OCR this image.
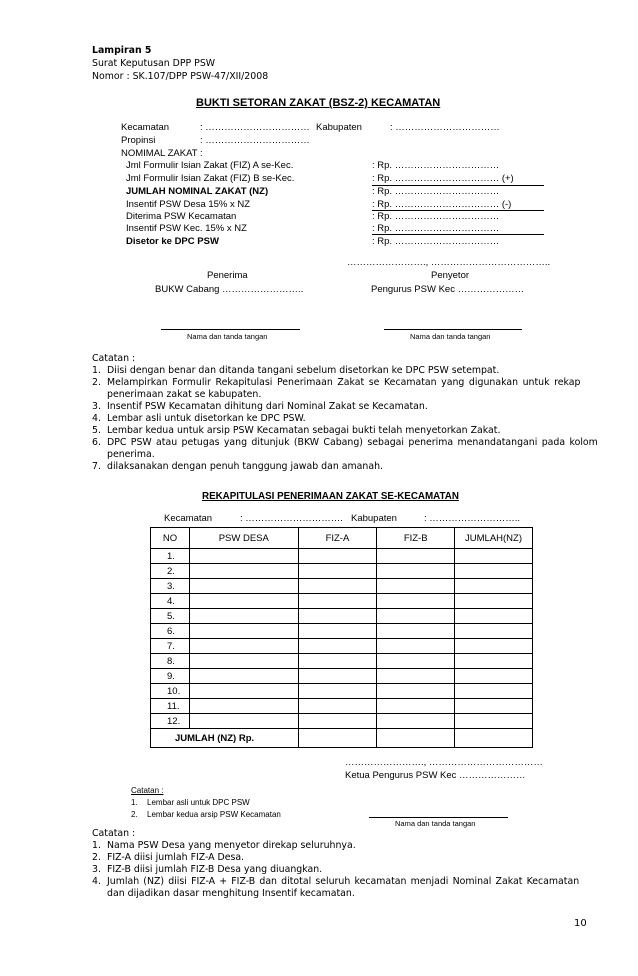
Lampiran 5
Surat Keputusan DPP PSW
Nomor : SK.107/DPP PSW-47/XII/2008
BUKTI SETORAN ZAKAT (BSZ-2) KECAMATAN
Kecamatan	: …………………………… Kabupaten	: ……………………………
Propinsi	: ……………………………
NOMIMAL ZAKAT :
Jml Formulir Isian Zakat (FIZ) A se-Kec.	: Rp. ……………………………
Jml Formulir Isian Zakat (FIZ) B se-Kec.	: Rp. …………………………… (+)
JUMLAH NOMINAL ZAKAT (NZ)	: Rp. ……………………………
Insentif PSW Desa 15% x NZ	: Rp. …………………………… (-)
Diterima PSW Kecamatan	: Rp. ……………………………
Insentif PSW Kec. 15% x NZ	: Rp. ……………………………
Disetor ke DPC PSW	: Rp. ……………………………
……………………., ………………………………..
Penerima
BUKW Cabang ……………………..
Penyetor
Pengurus PSW Kec …………………
Nama dan tanda tangan	Nama dan tanda tangan
Catatan :
1. Diisi dengan benar dan ditanda tangani sebelum disetorkan ke DPC PSW setempat.
2. Melampirkan Formulir Rekapitulasi Penerimaan Zakat se Kecamatan yang digunakan untuk rekap
penerimaan zakat se kabupaten.
3. Insentif PSW Kecamatan dihitung dari Nominal Zakat se Kecamatan.
4. Lembar asli untuk disetorkan ke DPC PSW.
5. Lembar kedua untuk arsip PSW Kecamatan sebagai bukti telah menyetorkan Zakat.
6. DPC PSW atau petugas yang ditunjuk (BKW Cabang) sebagai penerima menandatangani pada kolom
penerima.
7. dilaksanakan dengan penuh tanggung jawab dan amanah.
REKAPITULASI PENERIMAAN ZAKAT SE-KECAMATAN
Kecamatan	: …………………………. Kabupaten	: ………………………..
NO	PSW DESA	FIZ-A	FIZ-B	JUMLAH(NZ)
1.				
2.				
3.				
4.				
5.				
6.				
7.				
8.				
9.				
10.				
11.				
12.				
JUMLAH (NZ) Rp.				
……………………., ………………………………
Ketua Pengurus PSW Kec …………………
Catatan :
1. Lembar asli untuk DPC PSW
2. Lembar kedua arsip PSW Kecamatan
Nama dan tanda tangan
Catatan :
1. Nama PSW Desa yang menyetor direkap seluruhnya.
2. FIZ-A diisi jumlah FIZ-A Desa.
3. FIZ-B diisi jumlah FIZ-B Desa yang diuangkan.
4. Jumlah (NZ) diisi FIZ-A + FIZ-B dan ditotal seluruh kecamatan menjadi Nominal Zakat Kecamatan
dan dijadikan dasar menghitung Insentif kecamatan.
10
